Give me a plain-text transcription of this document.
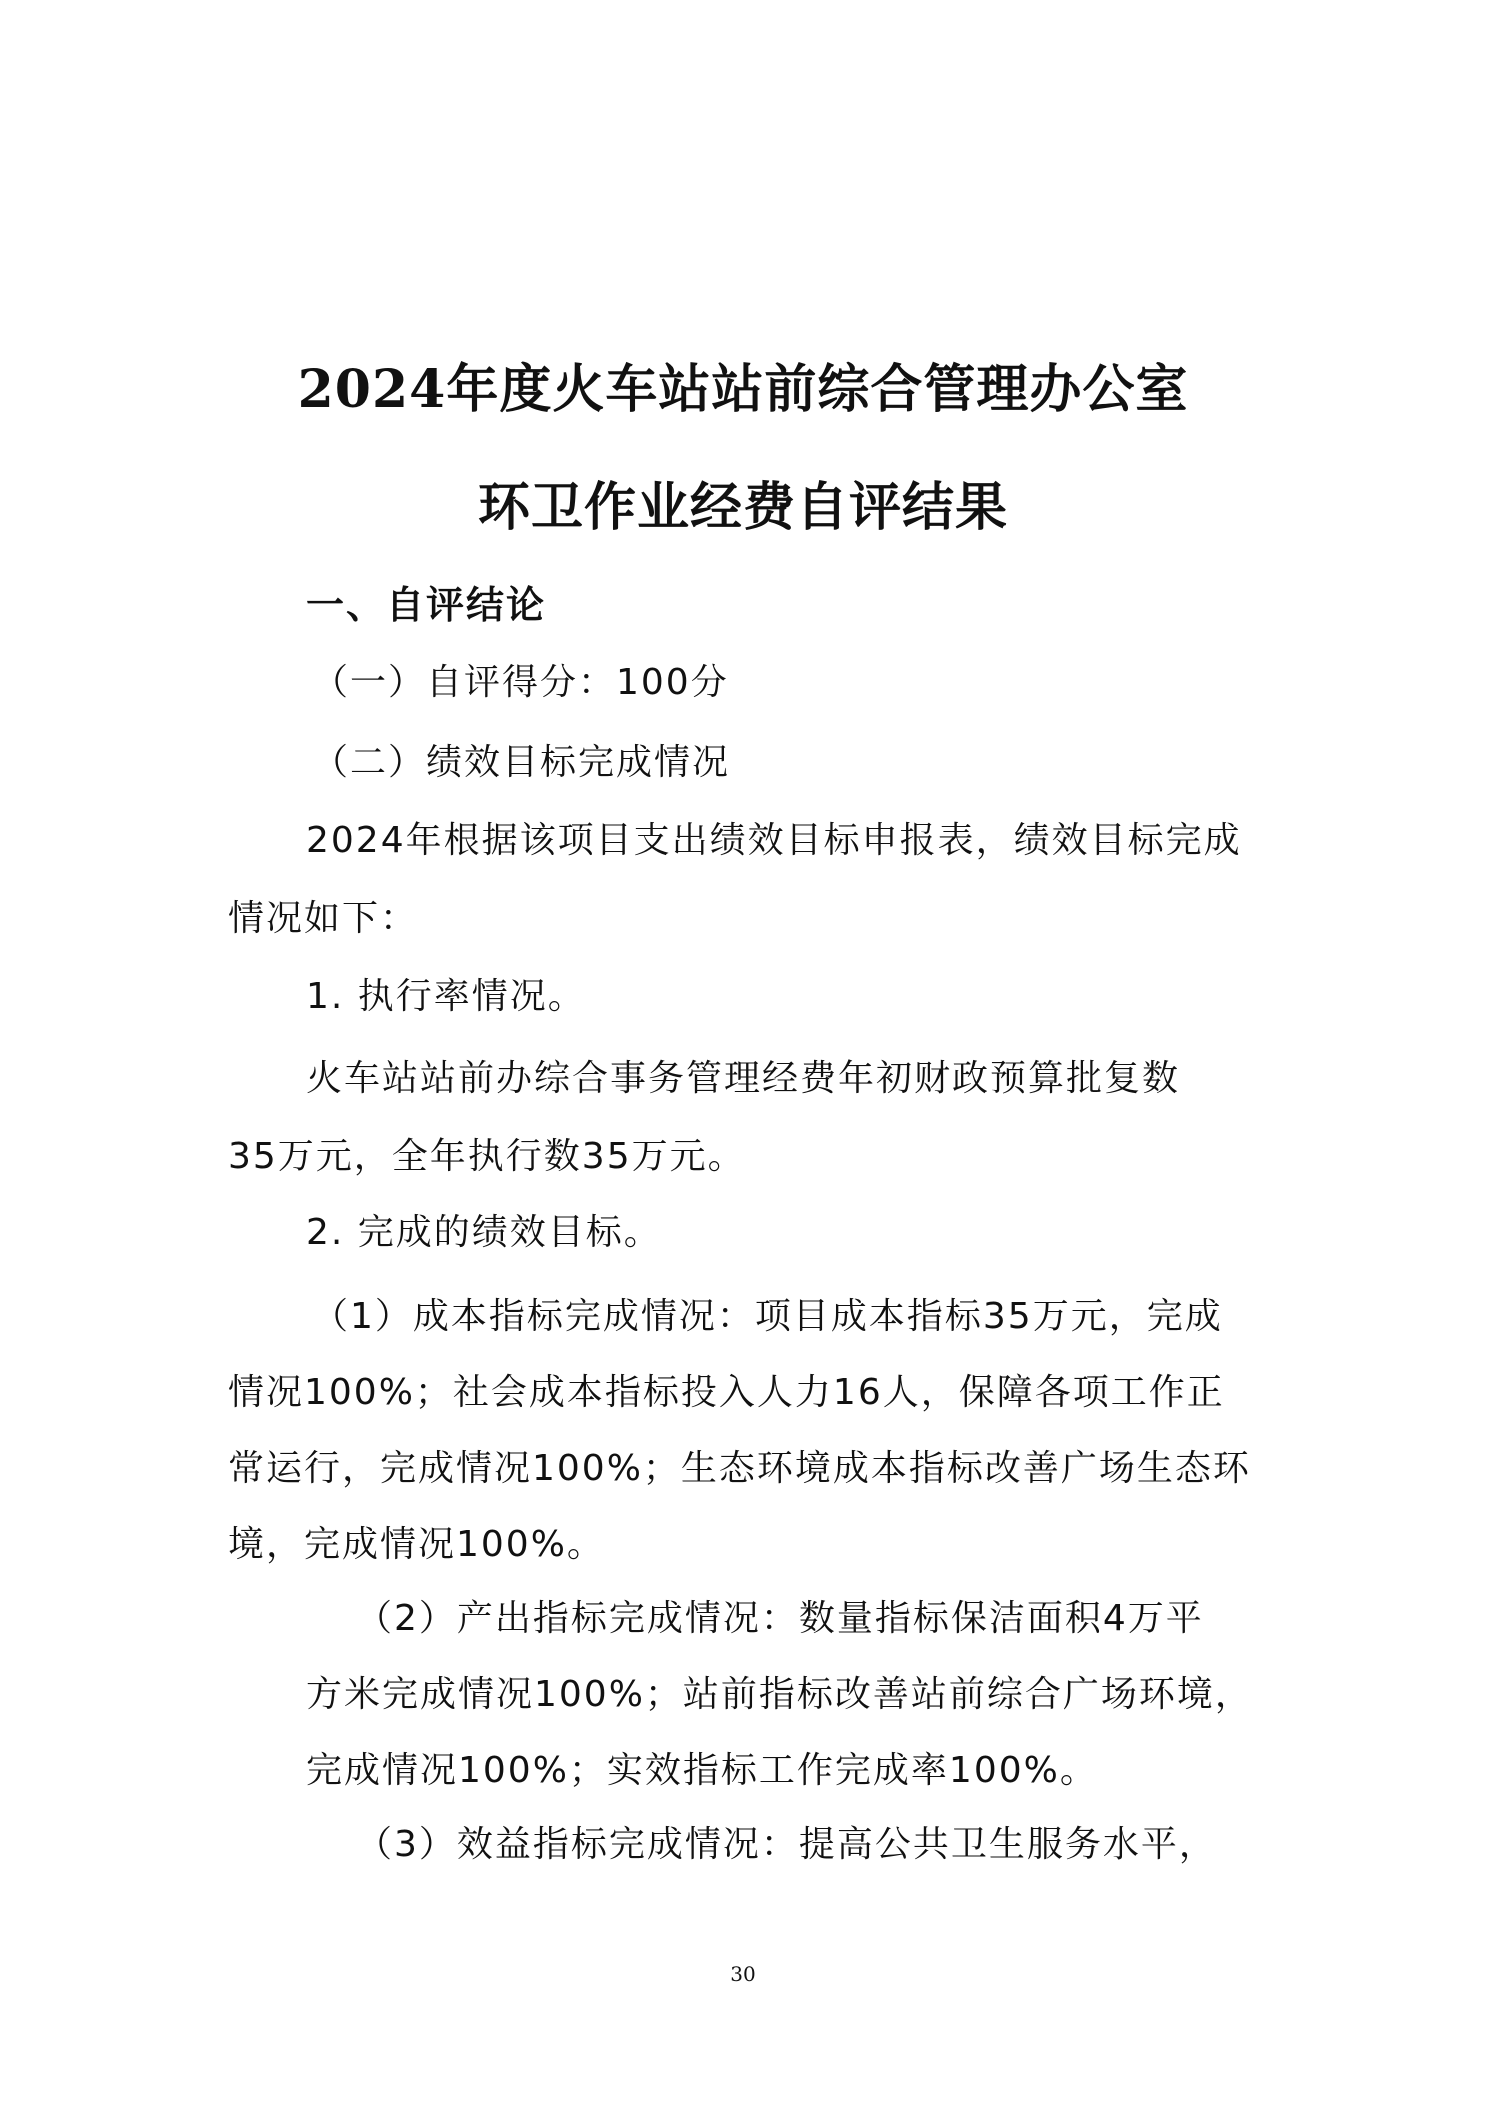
2024年度火车站站前综合管理办公室
环卫作业经费自评结果
一、自评结论
（一）自评得分：100分
（二）绩效目标完成情况
2024年根据该项目支出绩效目标申报表，绩效目标完成
情况如下：
1. 执行率情况。
火车站站前办综合事务管理经费年初财政预算批复数
35万元，全年执行数35万元。
2. 完成的绩效目标。
（1）成本指标完成情况：项目成本指标35万元，完成
情况100%；社会成本指标投入人力16人，保障各项工作正
常运行，完成情况100%；生态环境成本指标改善广场生态环
境，完成情况100%。
（2）产出指标完成情况：数量指标保洁面积4万平
方米完成情况100%；站前指标改善站前综合广场环境，
完成情况100%；实效指标工作完成率100%。
（3）效益指标完成情况：提高公共卫生服务水平，
30
